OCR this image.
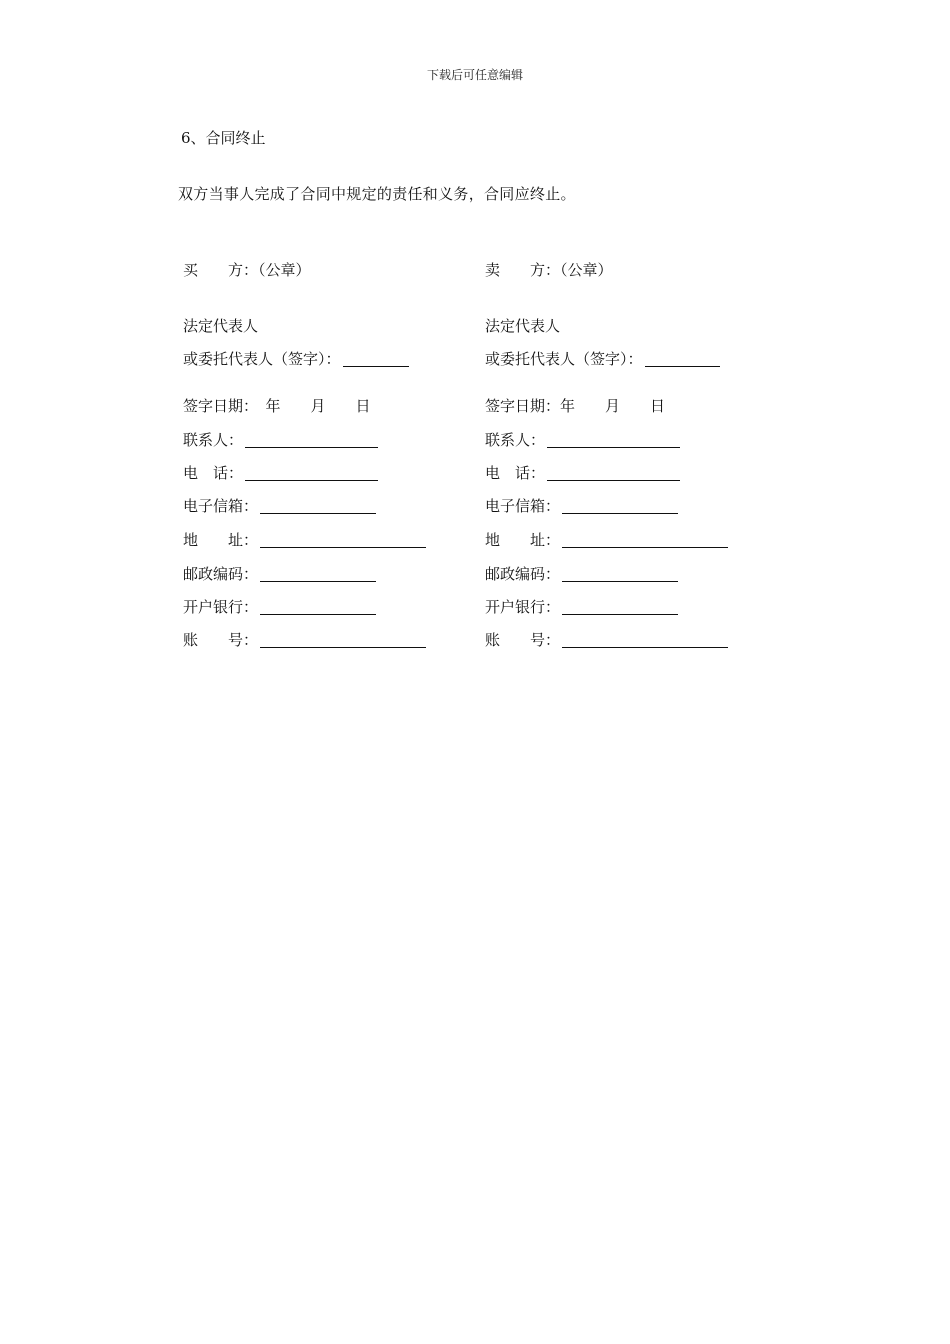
下载后可任意编辑
6、合同终止
双方当事人完成了合同中规定的责任和义务，合同应终止。
买　　方：（公章）
法定代表人
或委托代表人（签字）：
签字日期：　年　　月　　日
联系人：
电　话：
电子信箱：
地　　址：
邮政编码：
开户银行：
账　　号：
卖　　方：（公章）
法定代表人
或委托代表人（签字）：
签字日期：年　　月　　日
联系人：
电　话：
电子信箱：
地　　址：
邮政编码：
开户银行：
账　　号：
